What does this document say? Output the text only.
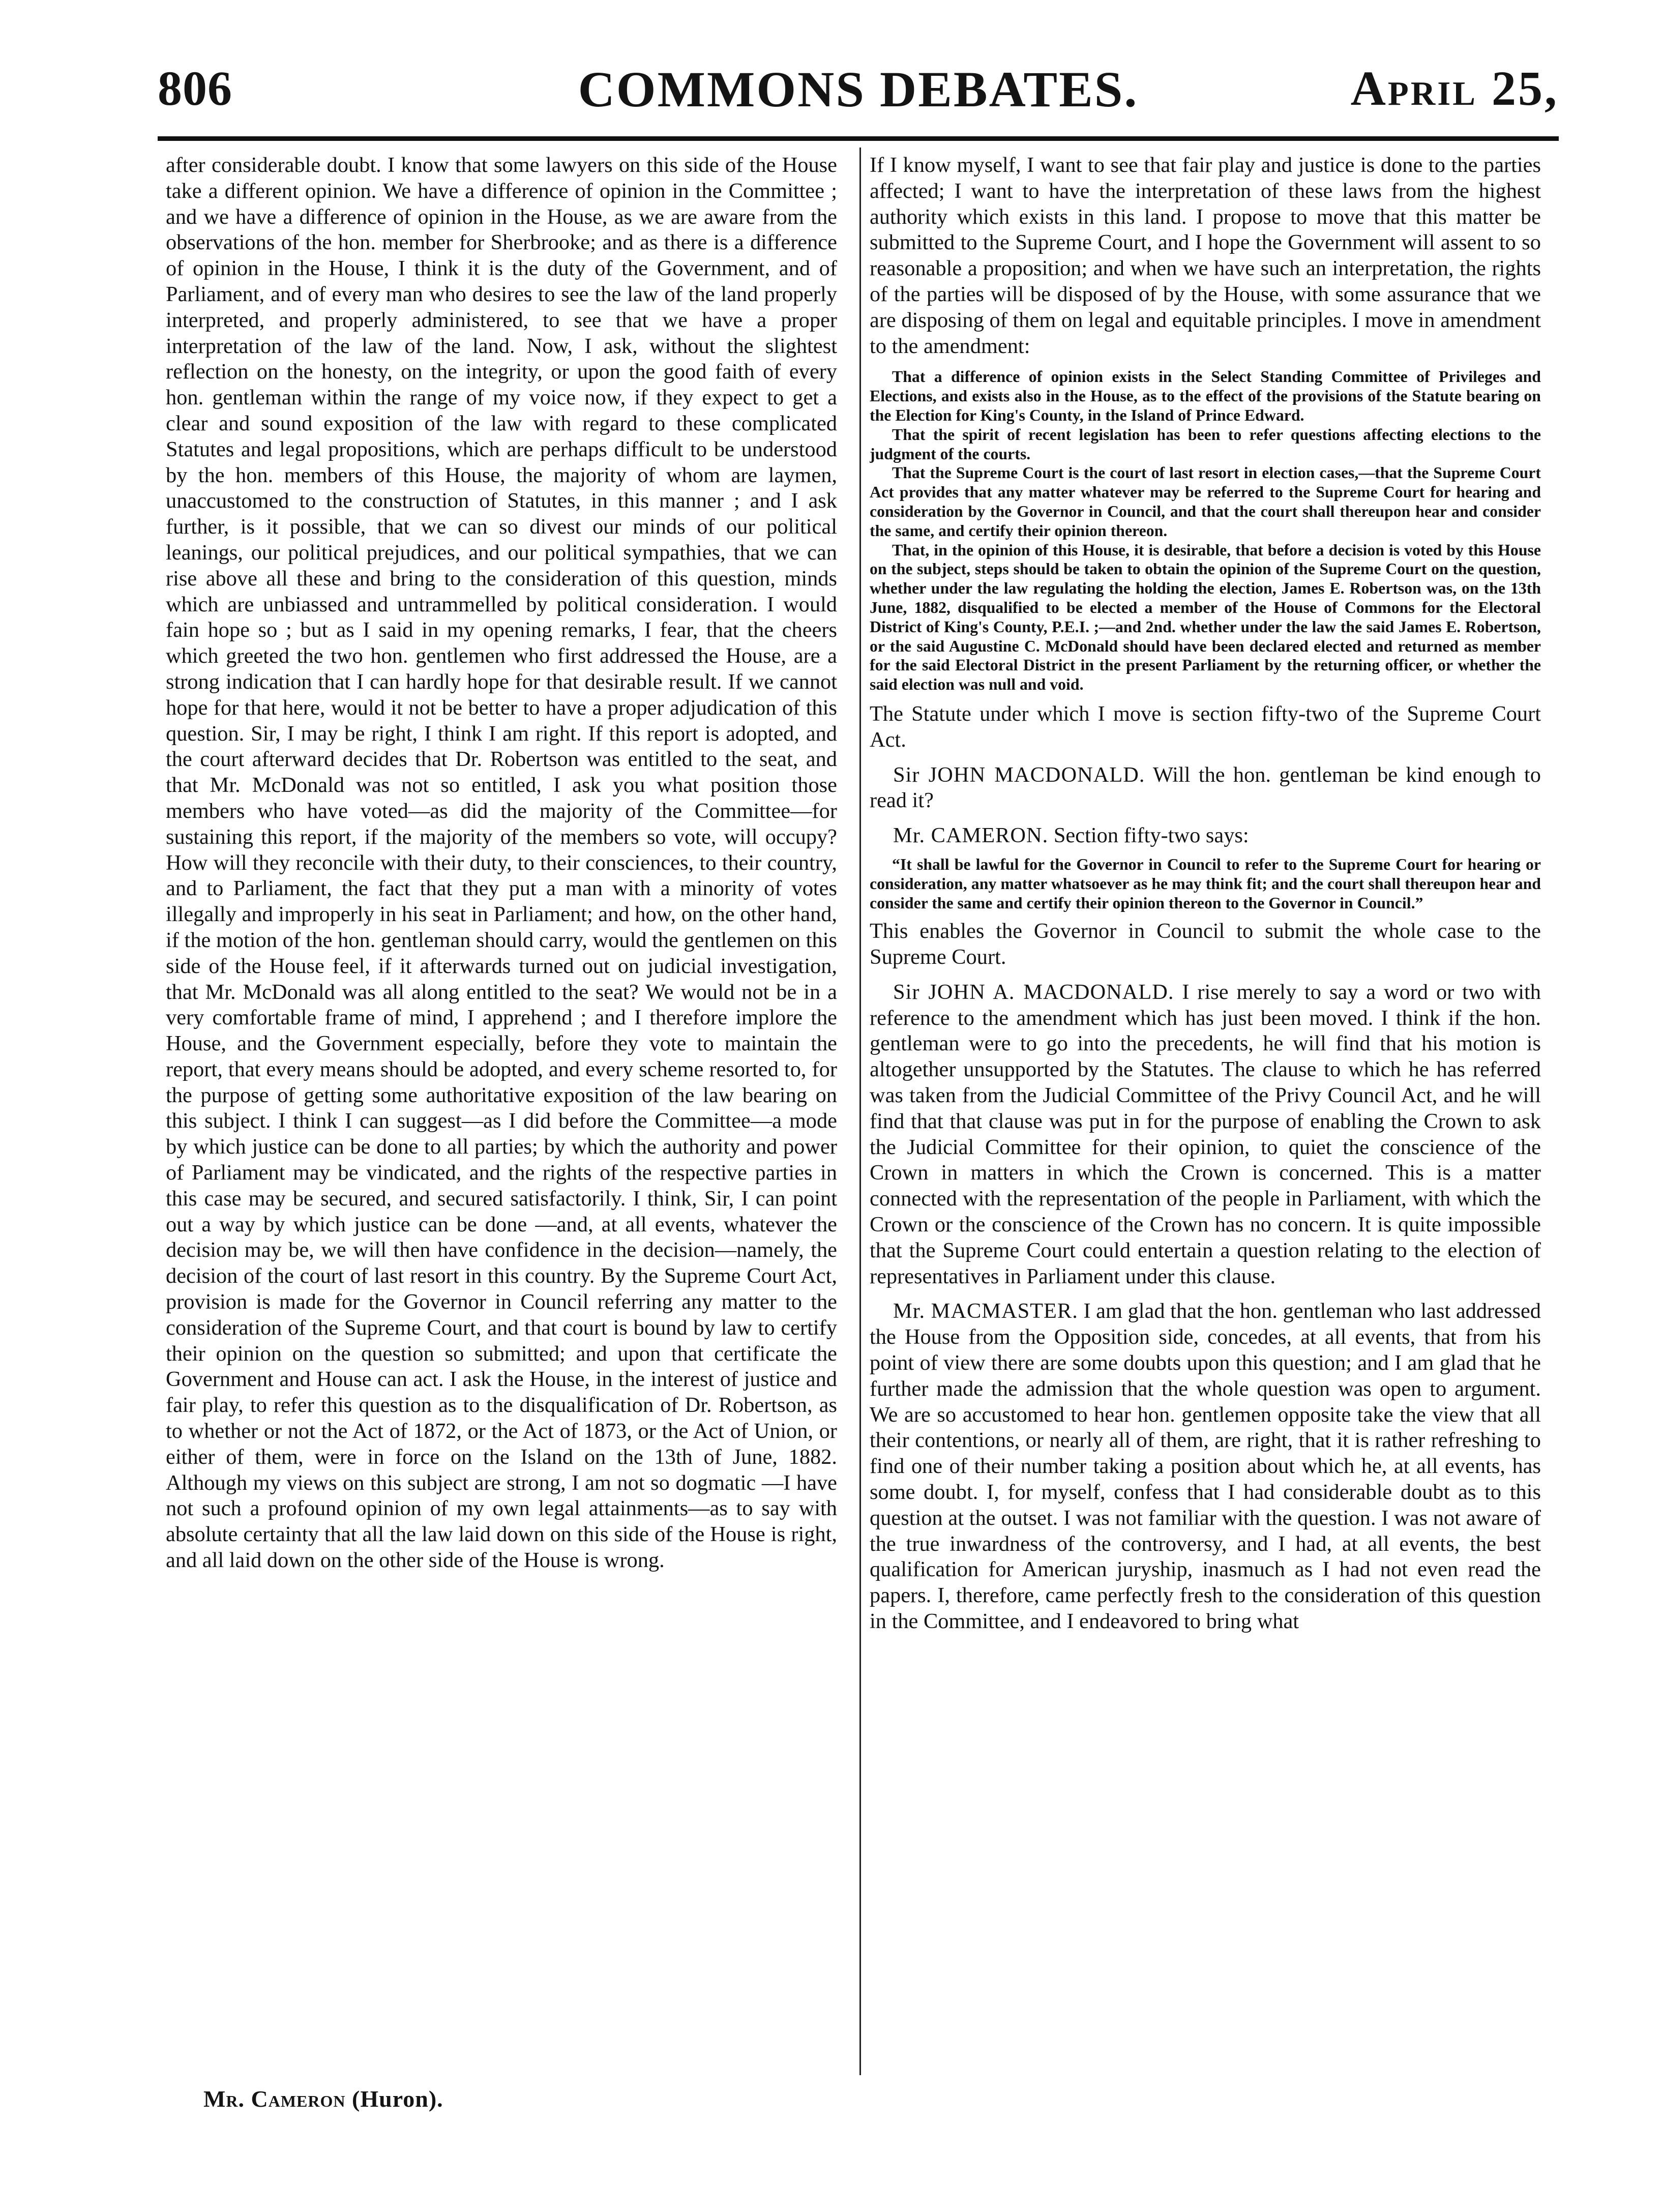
806	COMMONS DEBATES.	April 25,

after considerable doubt. I know that some lawyers on this side of the House take a different opinion. We have a difference of opinion in the Committee ; and we have a difference of opinion in the House, as we are aware from the observations of the hon. member for Sherbrooke; and as there is a difference of opinion in the House, I think it is the duty of the Government, and of Parliament, and of every man who desires to see the law of the land properly interpreted, and properly administered, to see that we have a proper interpretation of the law of the land. Now, I ask, without the slightest reflection on the honesty, on the integrity, or upon the good faith of every hon. gentleman within the range of my voice now, if they expect to get a clear and sound exposition of the law with regard to these complicated Statutes and legal propositions, which are perhaps difficult to be understood by the hon. members of this House, the majority of whom are laymen, unaccustomed to the construction of Statutes, in this manner ; and I ask further, is it possible, that we can so divest our minds of our political leanings, our political prejudices, and our political sympathies, that we can rise above all these and bring to the consideration of this question, minds which are unbiassed and untrammelled by political consideration. I would fain hope so ; but as I said in my opening remarks, I fear, that the cheers which greeted the two hon. gentlemen who first addressed the House, are a strong indication that I can hardly hope for that desirable result. If we cannot hope for that here, would it not be better to have a proper adjudication of this question. Sir, I may be right, I think I am right. If this report is adopted, and the court afterward decides that Dr. Robertson was entitled to the seat, and that Mr. McDonald was not so entitled, I ask you what position those members who have voted—as did the majority of the Committee—for sustaining this report, if the majority of the members so vote, will occupy? How will they reconcile with their duty, to their consciences, to their country, and to Parliament, the fact that they put a man with a minority of votes illegally and improperly in his seat in Parliament; and how, on the other hand, if the motion of the hon. gentleman should carry, would the gentlemen on this side of the House feel, if it afterwards turned out on judicial investigation, that Mr. McDonald was all along entitled to the seat? We would not be in a very comfortable frame of mind, I apprehend ; and I therefore implore the House, and the Government especially, before they vote to maintain the report, that every means should be adopted, and every scheme resorted to, for the purpose of getting some authoritative exposition of the law bearing on this subject. I think I can suggest—as I did before the Committee—a mode by which justice can be done to all parties; by which the authority and power of Parliament may be vindicated, and the rights of the respective parties in this case may be secured, and secured satisfactorily. I think, Sir, I can point out a way by which justice can be done —and, at all events, whatever the decision may be, we will then have confidence in the decision—namely, the decision of the court of last resort in this country. By the Supreme Court Act, provision is made for the Governor in Council referring any matter to the consideration of the Supreme Court, and that court is bound by law to certify their opinion on the question so submitted; and upon that certificate the Government and House can act. I ask the House, in the interest of justice and fair play, to refer this question as to the disqualification of Dr. Robertson, as to whether or not the Act of 1872, or the Act of 1873, or the Act of Union, or either of them, were in force on the Island on the 13th of June, 1882. Although my views on this subject are strong, I am not so dogmatic —I have not such a profound opinion of my own legal attainments—as to say with absolute certainty that all the law laid down on this side of the House is right, and all laid down on the other side of the House is wrong.

If I know myself, I want to see that fair play and justice is done to the parties affected; I want to have the interpretation of these laws from the highest authority which exists in this land. I propose to move that this matter be submitted to the Supreme Court, and I hope the Government will assent to so reasonable a proposition; and when we have such an interpretation, the rights of the parties will be disposed of by the House, with some assurance that we are disposing of them on legal and equitable principles. I move in amendment to the amendment:

That a difference of opinion exists in the Select Standing Committee of Privileges and Elections, and exists also in the House, as to the effect of the provisions of the Statute bearing on the Election for King's County, in the Island of Prince Edward.

That the spirit of recent legislation has been to refer questions affecting elections to the judgment of the courts.

That the Supreme Court is the court of last resort in election cases,—that the Supreme Court Act provides that any matter whatever may be referred to the Supreme Court for hearing and consideration by the Governor in Council, and that the court shall thereupon hear and consider the same, and certify their opinion thereon.

That, in the opinion of this House, it is desirable, that before a decision is voted by this House on the subject, steps should be taken to obtain the opinion of the Supreme Court on the question, whether under the law regulating the holding the election, James E. Robertson was, on the 13th June, 1882, disqualified to be elected a member of the House of Commons for the Electoral District of King's County, P.E.I. ;—and 2nd. whether under the law the said James E. Robertson, or the said Augustine C. McDonald should have been declared elected and returned as member for the said Electoral District in the present Parliament by the returning officer, or whether the said election was null and void.

The Statute under which I move is section fifty-two of the Supreme Court Act.

Sir JOHN MACDONALD. Will the hon. gentleman be kind enough to read it?

Mr. CAMERON. Section fifty-two says:

“It shall be lawful for the Governor in Council to refer to the Supreme Court for hearing or consideration, any matter whatsoever as he may think fit; and the court shall thereupon hear and consider the same and certify their opinion thereon to the Governor in Council.”

This enables the Governor in Council to submit the whole case to the Supreme Court.

Sir JOHN A. MACDONALD. I rise merely to say a word or two with reference to the amendment which has just been moved. I think if the hon. gentleman were to go into the precedents, he will find that his motion is altogether unsupported by the Statutes. The clause to which he has referred was taken from the Judicial Committee of the Privy Council Act, and he will find that that clause was put in for the purpose of enabling the Crown to ask the Judicial Committee for their opinion, to quiet the conscience of the Crown in matters in which the Crown is concerned. This is a matter connected with the representation of the people in Parliament, with which the Crown or the conscience of the Crown has no concern. It is quite impossible that the Supreme Court could entertain a question relating to the election of representatives in Parliament under this clause.

Mr. MACMASTER. I am glad that the hon. gentleman who last addressed the House from the Opposition side, concedes, at all events, that from his point of view there are some doubts upon this question; and I am glad that he further made the admission that the whole question was open to argument. We are so accustomed to hear hon. gentlemen opposite take the view that all their contentions, or nearly all of them, are right, that it is rather refreshing to find one of their number taking a position about which he, at all events, has some doubt. I, for myself, confess that I had considerable doubt as to this question at the outset. I was not familiar with the question. I was not aware of the true inwardness of the controversy, and I had, at all events, the best qualification for American juryship, inasmuch as I had not even read the papers. I, therefore, came perfectly fresh to the consideration of this question in the Committee, and I endeavored to bring what

Mr. Cameron (Huron).
